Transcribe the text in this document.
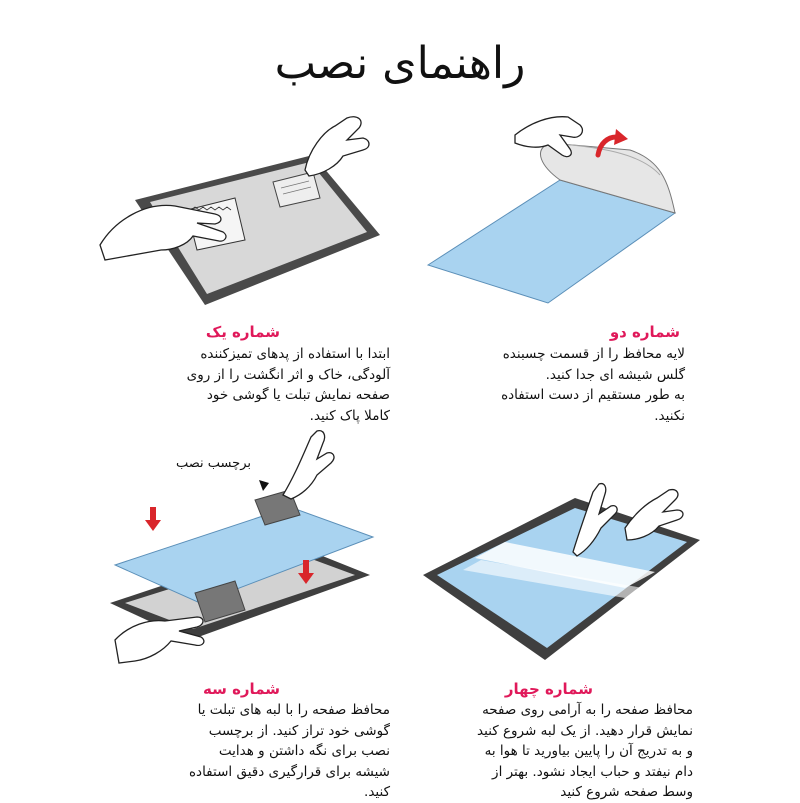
راهنمای نصب
برچسب نصب
شماره یک
ابتدا با استفاده از پدهای تمیزکننده
آلودگی، خاک و اثر انگشت را از روی
صفحه نمایش تبلت یا گوشی خود
کاملا پاک کنید.
شماره دو
لایه محافظ را از قسمت چسبنده
گلس شیشه ای جدا کنید.
به طور مستقیم از دست استفاده
نکنید.
شماره سه
محافظ صفحه را با لبه های تبلت یا
گوشی خود تراز کنید. از برچسب
نصب برای نگه داشتن و هدایت
شیشه برای قرارگیری دقیق استفاده
کنید.
شماره چهار
محافظ صفحه را به آرامی روی صفحه
نمایش قرار دهید. از یک لبه شروع کنید
و به تدریج آن را پایین بیاورید تا هوا به
دام نیفتد و حباب ایجاد نشود. بهتر از
وسط صفحه شروع کنید
